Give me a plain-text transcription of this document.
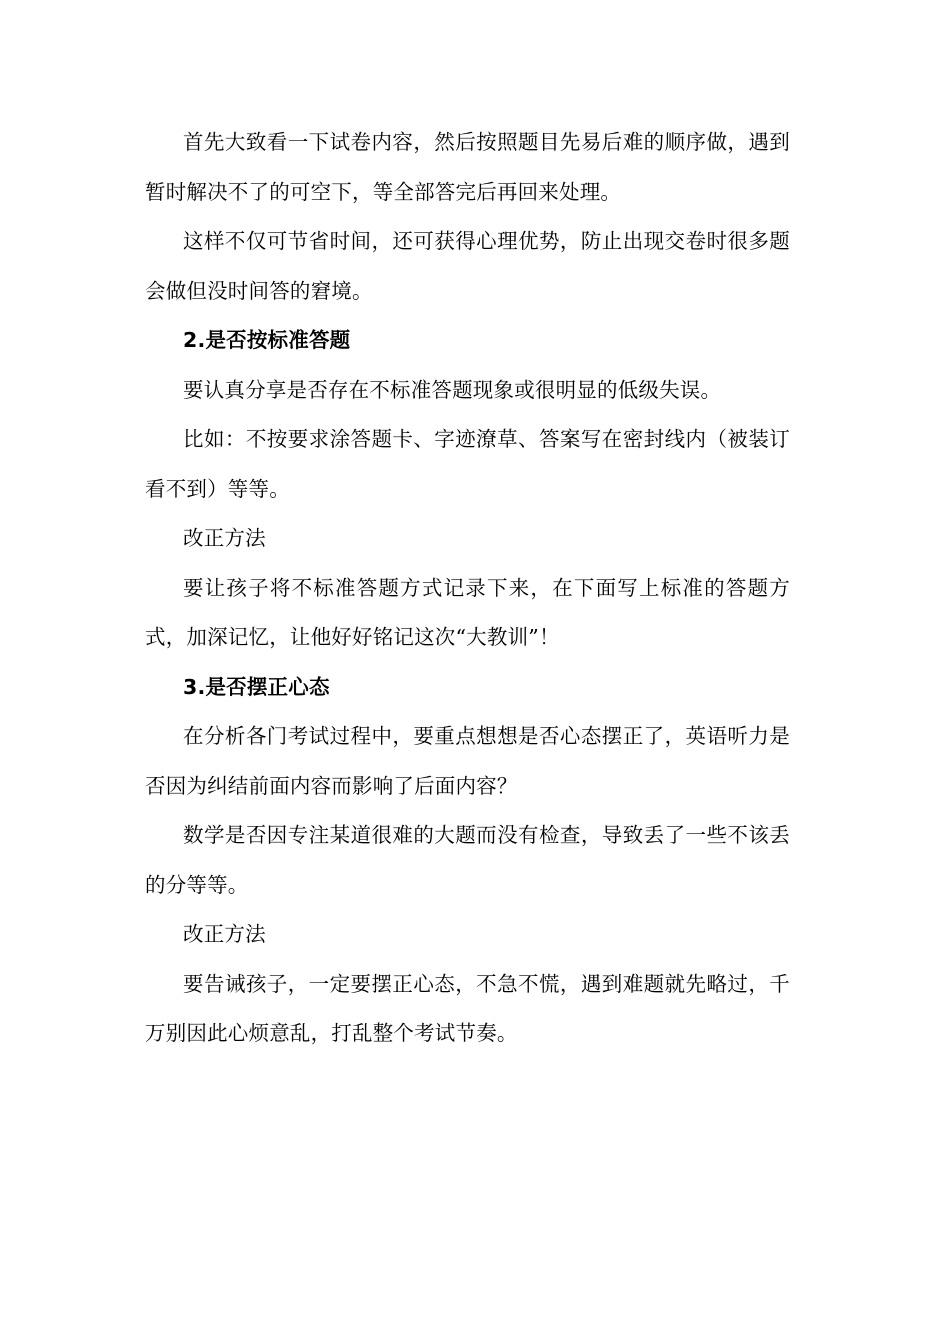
首先大致看一下试卷内容，然后按照题目先易后难的顺序做，遇到暂时解决不了的可空下，等全部答完后再回来处理。

这样不仅可节省时间，还可获得心理优势，防止出现交卷时很多题会做但没时间答的窘境。

2.是否按标准答题

要认真分享是否存在不标准答题现象或很明显的低级失误。

比如：不按要求涂答题卡、字迹潦草、答案写在密封线内（被装订看不到）等等。

改正方法

要让孩子将不标准答题方式记录下来，在下面写上标准的答题方式，加深记忆，让他好好铭记这次“大教训”！

3.是否摆正心态

在分析各门考试过程中，要重点想想是否心态摆正了，英语听力是否因为纠结前面内容而影响了后面内容？

数学是否因专注某道很难的大题而没有检查，导致丢了一些不该丢的分等等。

改正方法

要告诫孩子，一定要摆正心态，不急不慌，遇到难题就先略过，千万别因此心烦意乱，打乱整个考试节奏。
